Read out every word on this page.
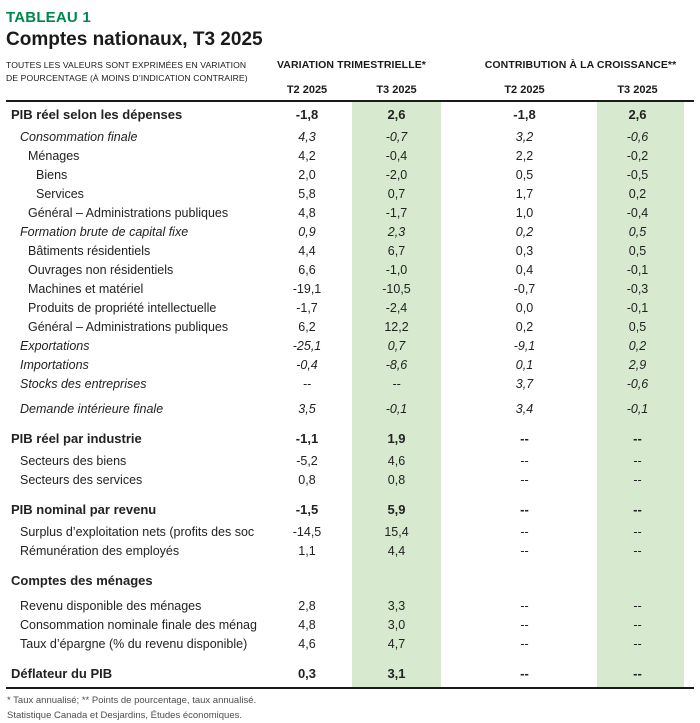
TABLEAU 1
Comptes nationaux, T3 2025
TOUTES LES VALEURS SONT EXPRIMÉES EN VARIATION DE POURCENTAGE (À MOINS D’INDICATION CONTRAIRE)
VARIATION TRIMESTRIELLE*	CONTRIBUTION À LA CROISSANCE**
T2 2025	T3 2025	T2 2025	T3 2025
PIB réel selon les dépenses	-1,8	2,6	-1,8	2,6
Consommation finale	4,3	-0,7	3,2	-0,6
Ménages	4,2	-0,4	2,2	-0,2
Biens	2,0	-2,0	0,5	-0,5
Services	5,8	0,7	1,7	0,2
Général – Administrations publiques	4,8	-1,7	1,0	-0,4
Formation brute de capital fixe	0,9	2,3	0,2	0,5
Bâtiments résidentiels	4,4	6,7	0,3	0,5
Ouvrages non résidentiels	6,6	-1,0	0,4	-0,1
Machines et matériel	-19,1	-10,5	-0,7	-0,3
Produits de propriété intellectuelle	-1,7	-2,4	0,0	-0,1
Général – Administrations publiques	6,2	12,2	0,2	0,5
Exportations	-25,1	0,7	-9,1	0,2
Importations	-0,4	-8,6	0,1	2,9
Stocks des entreprises	--	--	3,7	-0,6
Demande intérieure finale	3,5	-0,1	3,4	-0,1
PIB réel par industrie	-1,1	1,9	--	--
Secteurs des biens	-5,2	4,6	--	--
Secteurs des services	0,8	0,8	--	--
PIB nominal par revenu	-1,5	5,9	--	--
Surplus d’exploitation nets (profits des soc	-14,5	15,4	--	--
Rémunération des employés	1,1	4,4	--	--
Comptes des ménages
Revenu disponible des ménages	2,8	3,3	--	--
Consommation nominale finale des ménag	4,8	3,0	--	--
Taux d’épargne (% du revenu disponible)	4,6	4,7	--	--
Déflateur du PIB	0,3	3,1	--	--
* Taux annualisé; ** Points de pourcentage, taux annualisé.
Statistique Canada et Desjardins, Études économiques.
